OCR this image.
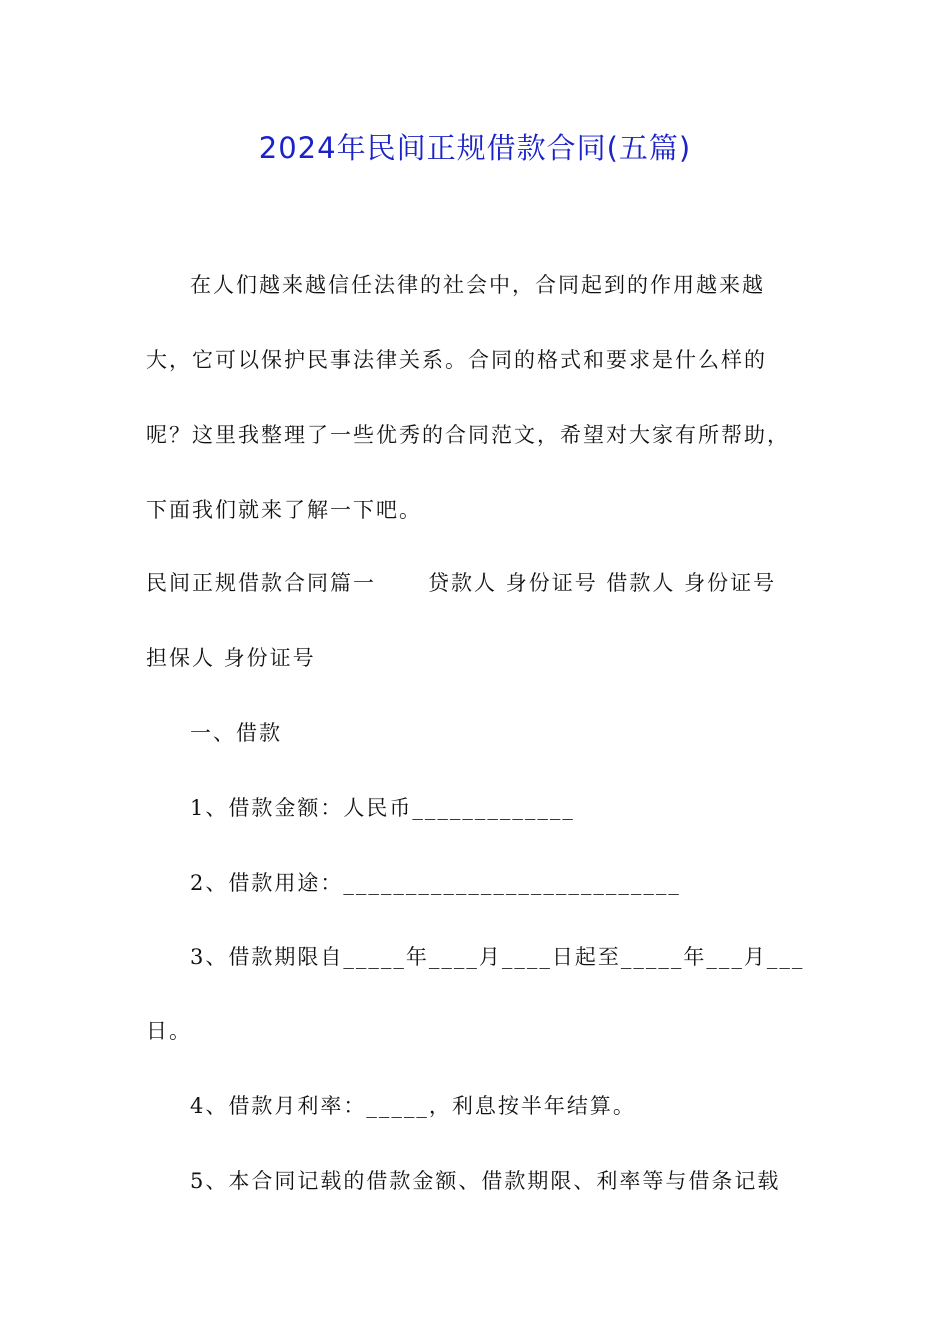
2024年民间正规借款合同(五篇)
在人们越来越信任法律的社会中，合同起到的作用越来越
大，它可以保护民事法律关系。合同的格式和要求是什么样的
呢？这里我整理了一些优秀的合同范文，希望对大家有所帮助，
下面我们就来了解一下吧。
民间正规借款合同篇一      贷款人 身份证号 借款人 身份证号
担保人 身份证号
一、借款
1、借款金额：人民币_____________
2、借款用途：___________________________
3、借款期限自_____年____月____日起至_____年___月___
日。
4、借款月利率：_____，利息按半年结算。
5、本合同记载的借款金额、借款期限、利率等与借条记载
